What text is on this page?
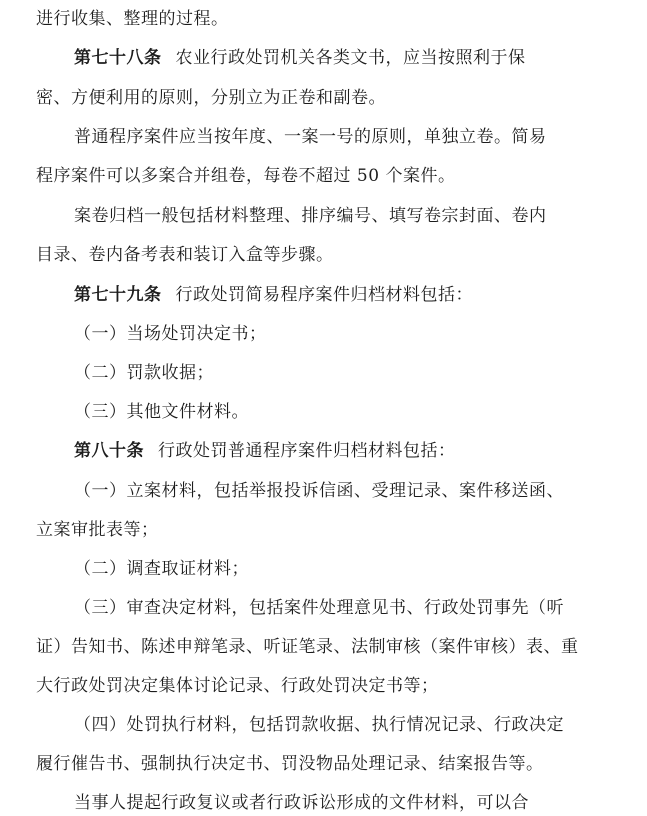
进行收集、整理的过程。
第七十八条 农业行政处罚机关各类文书，应当按照利于保
密、方便利用的原则，分别立为正卷和副卷。
普通程序案件应当按年度、一案一号的原则，单独立卷。简易
程序案件可以多案合并组卷，每卷不超过 50 个案件。
案卷归档一般包括材料整理、排序编号、填写卷宗封面、卷内
目录、卷内备考表和装订入盒等步骤。
第七十九条 行政处罚简易程序案件归档材料包括：
（一）当场处罚决定书；
（二）罚款收据；
（三）其他文件材料。
第八十条 行政处罚普通程序案件归档材料包括：
（一）立案材料，包括举报投诉信函、受理记录、案件移送函、
立案审批表等；
（二）调查取证材料；
（三）审查决定材料，包括案件处理意见书、行政处罚事先（听
证）告知书、陈述申辩笔录、听证笔录、法制审核（案件审核）表、重
大行政处罚决定集体讨论记录、行政处罚决定书等；
（四）处罚执行材料，包括罚款收据、执行情况记录、行政决定
履行催告书、强制执行决定书、罚没物品处理记录、结案报告等。
当事人提起行政复议或者行政诉讼形成的文件材料，可以合
